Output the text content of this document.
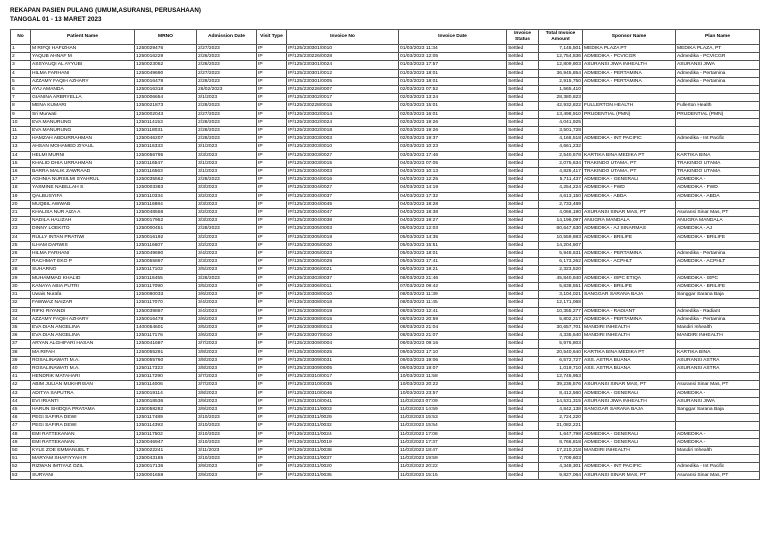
REKAPAN PASIEN PULANG (UMUM,ASURANSI, PERUSAHAAN)
TANGGAL 01 - 13 MARET 2023
No	Patient Name	MRNO	Admission Date	Visit Type	Invoice No	Invoice Date	Invoice Status	Total Invoice Amount	Sponsor Name	Plan Name
1	M RIFQI HAFIZHAN	1250029476	2/27/2023	IP	IP/125/230301/0010	01/03/2023 11:34	Settled	7,145,501	MEDIKA PLAZA PT	MEDIKA PLAZA, PT
2	YAQUB AHNAF M	1250016229	2/26/2023	IP	IP/125/230226/0028	01/03/2023 12:05	Settled	12,754,836	ADMEDIKA - PCVICGR	Admedika - PCVICGR
3	ASSYAUQI AL AYYUBI	1250023052	2/28/2023	IP	IP/125/230301/0024	01/03/2023 17:57	Settled	12,809,803	ASURANSI JIWA INHEALTH	ASURANSI JIWA
4	HILMA FARHANI	1250049690	2/27/2023	IP	IP/125/230301/0012	01/03/2023 18:01	Settled	36,945,854	ADMEDIKA - PERTAMINA	Admedika - Pertamina
5	AZZAMY FAQIH AZHARY	1250016478	2/28/2023	IP	IP/125/230301/0005	01/03/2023 18:01	Settled	2,915,750	ADMEDIKA - PERTAMINA	Admedika - Pertamina
6	AYU AMANDA	1250016318	26/02/2023	IP	IP/125/230226/0007	02/03/2023 07:52	Settled	1,565,410		
7	GIANINA ARBRYELLA	1250006654	3/1/2023	IP	IP/125/230302/0017	02/03/2023 13:24	Settled	28,380,823		
8	MENA KUMARI	1250021873	2/28/2023	IP	IP/125/230228/0015	02/03/2023 15:01	Settled	42,932,822	FULLERTON HEALTH	Fullerton Health
9	Sri Murwati	1250002043	2/27/2023	IP	IP/125/230302/0014	02/03/2023 16:01	Settled	13,498,910	PRUDENTIAL (PMN)	PRUDENTIAL (PMN)
10	EVA MANURUNG	1250114153	2/28/2023	IP	IP/125/230302/0024	02/03/2023 19:26	Settled	4,041,925		
11	EVA MANURUNG	1250118031	2/28/2023	IP	IP/125/230302/0018	02/03/2023 19:26	Settled	3,501,728		
12	HAMZAH ABDURRAHMAN	1250046207	2/28/2023	IP	IP/125/230303/0003	02/03/2023 19:37	Settled	4,166,518	ADMEDIKA - INT PACIFIC	Admedika - Int Pacific
13	AHSAN MOHAMED ZIYAUL	1250116333	3/1/2023	IP	IP/125/230303/0010	03/03/2023 10:23	Settled	4,661,232		
14	HELMI MURNI	1250056795	3/3/2023	IP	IP/125/230303/0027	03/03/2023 17:46	Settled	2,540,578	KARTIKA BINA MEDIKA PT	KARTIKA BINA
15	KHALID DHIA URRAHMAN	1250116547	3/1/2023	IP	IP/125/230303/0015	04/03/2023 07:05	Settled	2,075,634	TRAKINDO UTAMA, PT	TRAKINDO UTAMA
16	BARRA MALIK ZAWRAAD	1250116563	3/1/2023	IP	IP/125/230304/0003	04/03/2023 10:13	Settled	4,826,417	TRAKINDO UTAMA, PT	TRAKINDO UTAMA
17	AGHNIA NURSILMI SYAHRUL	1250035562	2/28/2023	IP	IP/125/230304/0016	04/03/2023 12:25	Settled	5,711,437	ADMEDIKA - GENERALI	ADMEDIKA -
18	YASMINE NABILLAH S	1250003383	3/3/2023	IP	IP/125/230304/0027	04/03/2023 14:19	Settled	4,254,224	ADMEDIKA - FWD	ADMEDIKA - FWD
19	QALBUSYIFA	1250110334	3/2/2023	IP	IP/125/230304/0037	04/03/2023 17:32	Settled	4,613,150	ADMEDIKA - ABDA	ADMEDIKA - ABDA
20	MUQBIL AWWAB	1250116884	3/3/2023	IP	IP/125/230304/0045	04/03/2023 18:28	Settled	2,733,489		
21	KHALISA NUR AIZA A	1250048558	3/2/2023	IP	IP/125/230304/0047	04/03/2023 18:38	Settled	4,066,190	ASURANSI SINAR MAS, PT	Asuransi Sinar Mas, PT
22	NADILA HALIZAH	1250017952	3/3/2023	IP	IP/125/230304/0038	04/03/2023 19:27	Settled	14,196,097	ANUGRA MANDALA	ANUGRA MANDALA
23	DINNY LOEKITO	1250000451	2/28/2023	IP	IP/125/230305/0003	05/03/2023 12:03	Settled	60,647,630	ADMEDIKA - AJ SINARMAS	ADMEDIKA - AJ
24	RULLY INTAN PRATIWI	1250016192	3/2/2023	IP	IP/125/230305/0019	05/03/2023 14:35	Settled	10,559,883	ADMEDIKA - BRILIFE	ADMEDIKA - BRILIFE
25	ILHAM DARWIS	1250116607	3/2/2023	IP	IP/125/230305/0020	05/03/2023 15:51	Settled	14,204,607		
26	HILMA FARHANI	1250049690	3/4/2023	IP	IP/125/230305/0023	05/03/2023 18:01	Settled	5,948,631	ADMEDIKA - PERTAMINA	Admedika - Pertamina
27	RACHMAT EKO P	1250055867	3/3/2023	IP	IP/125/230305/0029	05/03/2023 17:41	Settled	6,173,262	ADMEDIKA - ACPHLT	ADMEDIKA - ACPHLT
28	SUHARNO	1250117102	3/5/2023	IP	IP/125/230306/0021	06/03/2023 19:21	Settled	2,323,520		
29	MUHAMMAD KHALID	1250116455	3/28/2023	IP	IP/125/230303/0037	06/03/2023 21:46	Settled	45,840,840	ADMEDIKA - ISPC ETIQA	ADMEDIKA - ISPC
30	KANAYA ABIA PUTRI	1250117090	3/5/2023	IP	IP/125/230306/0011	07/03/2023 09:42	Settled	5,838,551	ADMEDIKA - BRILIFE	ADMEDIKA - BRILIFE
31	Uwais Nurafa	1250080033	3/6/2023	IP	IP/125/230308/0010	08/03/2023 11:39	Settled	3,104,021	SANGGAR SARANA BAJA	Sanggar Sarana Baja
32	FAWWAZ NAIZAR	1250117070	3/4/2023	IP	IP/125/230308/0018	08/03/2023 11:45	Settled	12,171,068		
33	RIFKI RIYANDI	1250039867	3/4/2023	IP	IP/125/230308/0019	08/03/2023 12:41	Settled	10,355,277	ADMEDIKA - RADIANT	Admedika - Radiant
34	AZZAMY FAQIH AZHARY	1250016478	3/6/2023	IP	IP/125/230308/0015	08/03/2023 20:59	Settled	5,802,217	ADMEDIKA - PERTAMINA	Admedika - Pertamina
35	EVA DIAN ANGELINA	1400054601	3/5/2023	IP	IP/125/230308/0013	08/03/2023 21:04	Settled	30,657,701	MANDIRI INHEALTH	Mandiri Inhealth
36	EVA DIAN ANGELINA	1250117176	3/6/2023	IP	IP/125/230307/0010	08/03/2023 21:07	Settled	4,335,640	MANDIRI INHEALTH	MANDIRI INHEALTH
37	ARYAN ALGHIFARI HASAN	1250041687	3/7/2023	IP	IP/125/230309/0004	09/03/2023 09:16	Settled	5,976,803		
38	MA RIFAH	1250055291	3/8/2023	IP	IP/125/230309/0025	09/03/2023 17:10	Settled	20,540,640	KARTIKA BINA MEDIKA PT	KARTIKA BINA
39	ROSALINAWATI M.A.	1250055760	3/8/2023	IP	IP/125/230309/0031	09/03/2023 19:06	Settled	6,572,727	ASS. ASTRA BUANA	ASURANSI ASTRA
40	ROSALINAWATI M.A.	1250117323	3/8/2023	IP	IP/125/230309/0005	09/03/2023 19:07	Settled	1,019,710	ASS. ASTRA BUANA	ASURANSI ASTRA
41	HENDRIK MATAHARI	1250117290	3/7/2023	IP	IP/125/230310/0017	10/03/2023 11:58	Settled	12,745,953		
42	ABIM JULIAN MUKHRISAN	1250114006	3/7/2023	IP	IP/125/230310/0035	10/03/2023 20:22	Settled	39,236,576	ASURANSI SINAR MAS, PT	Asuransi Sinar Mas, PT
43	ADITYA SAPUTRA	1250019114	3/8/2023	IP	IP/125/230310/0046	10/03/2023 23:57	Settled	8,412,560	ADMEDIKA - GENERALI	ADMEDIKA -
44	EVI IRIANTI	1250018536	3/9/2023	IP	IP/125/230310/0041	11/03/2023 07:09	Settled	14,531,315	ASURANSI JIWA INHEALTH	ASURANSI JIWA
45	HARUN SHIDQIA PRATAMA	1250058282	3/9/2023	IP	IP/125/230311/0003	11/03/2023 14:59	Settled	4,842,138	SANGGAR SARANA BAJA	Sanggar Sarana Baja
46	PEGI SAFIRA DEWI	1250117489	3/10/2023	IP	IP/125/230311/0029	11/03/2023 15:53	Settled	2,724,220		
47	PEGI SAFIRA DEWI	1250114393	3/10/2023	IP	IP/125/230311/0032	11/03/2023 15:54	Settled	21,082,221		
48	EMI RATTEKANAN	1250117502	3/10/2023	IP	IP/125/230311/0024	11/03/2023 17:08	Settled	1,647,798	ADMEDIKA - GENERALI	ADMEDIKA -
49	EMI RATTEKANAN	1250046947	3/10/2023	IP	IP/125/230311/0019	11/03/2023 17:37	Settled	8,766,818	ADMEDIKA - GENERALI	ADMEDIKA -
50	KYLE ZOE EMMANUEL T	1250022241	3/11/2023	IP	IP/125/230311/0038	11/03/2023 18:47	Settled	17,210,218	MANDIRI INHEALTH	Mandiri Inhealth
51	MARYAM SHAFIYYAH R	1250043165	3/10/2023	IP	IP/125/230311/0037	11/03/2023 19:59	Settled	7,709,603		
52	RIZWAN IMTIYAZ OZIL	1250017136	3/9/2023	IP	IP/125/230311/0020	11/03/2023 20:22	Settled	4,348,301	ADMEDIKA - INT PACIFIC	Admedika - Int Pacific
53	SURYANI	1250001658	3/9/2023	IP	IP/125/230311/0035	11/03/2023 15:15	Settled	9,827,064	ASURANSI SINAR MAS, PT	Asuransi Sinar Mas, PT
